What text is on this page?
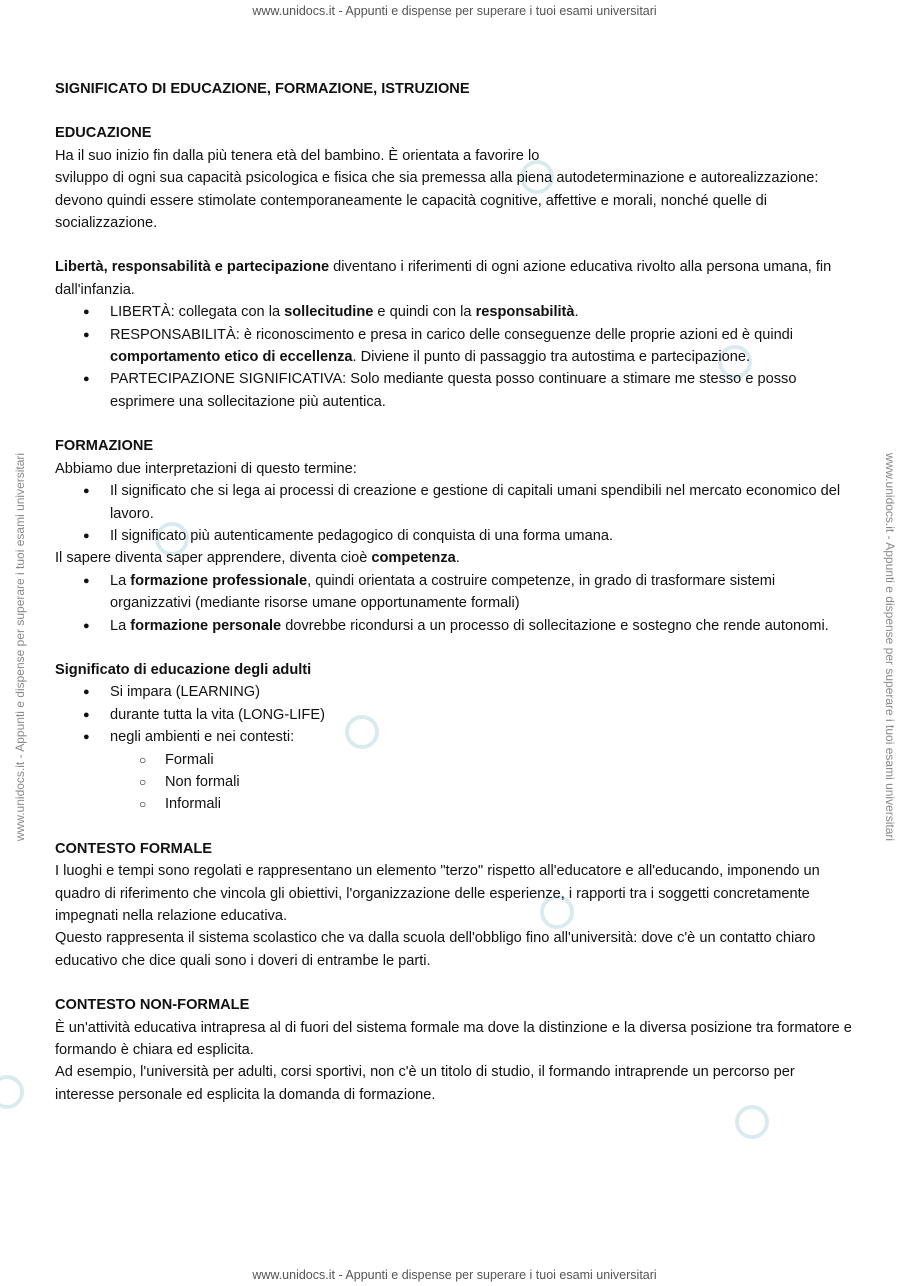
www.unidocs.it - Appunti e dispense per superare i tuoi esami universitari
www.unidocs.it - Appunti e dispense per superare i tuoi esami universitari
www.unidocs.it - Appunti e dispense per superare i tuoi esami universitari	www.unidocs.it - Appunti e dispense per superare i tuoi esami universitari
SIGNIFICATO DI EDUCAZIONE, FORMAZIONE, ISTRUZIONE
EDUCAZIONE

Ha il suo inizio fin dalla più tenera età del bambino. È orientata a favorire lo

sviluppo di ogni sua capacità psicologica e fisica che sia premessa alla piena autodeterminazione e autorealizzazione: devono quindi essere stimolate contemporaneamente le capacità cognitive, affettive e morali, nonché quelle di socializzazione.

Libertà, responsabilità e partecipazione diventano i riferimenti di ogni azione educativa rivolto alla persona umana, fin dall'infanzia.

● LIBERTÀ: collegata con la sollecitudine e quindi con la responsabilità.
● RESPONSABILITÀ: è riconoscimento e presa in carico delle conseguenze delle proprie azioni ed è quindi comportamento etico di eccellenza. Diviene il punto di passaggio tra autostima e partecipazione.
● PARTECIPAZIONE SIGNIFICATIVA: Solo mediante questa posso continuare a stimare me stesso e posso esprimere una sollecitazione più autentica.
FORMAZIONE

Abbiamo due interpretazioni di questo termine:

● Il significato che si lega ai processi di creazione e gestione di capitali umani spendibili nel mercato economico del lavoro.
● Il significato più autenticamente pedagogico di conquista di una forma umana.

Il sapere diventa saper apprendere, diventa cioè competenza.

● La formazione professionale, quindi orientata a costruire competenze, in grado di trasformare sistemi organizzativi (mediante risorse umane opportunamente formali)
● La formazione personale dovrebbe ricondursi a un processo di sollecitazione e sostegno che rende autonomi.
Significato di educazione degli adulti
● Si impara (LEARNING)
● durante tutta la vita (LONG-LIFE)
● negli ambienti e nei contesti:
○ Formali
○ Non formali
○ Informali
CONTESTO FORMALE

I luoghi e tempi sono regolati e rappresentano un elemento "terzo" rispetto all'educatore e all'educando, imponendo un quadro di riferimento che vincola gli obiettivi, l'organizzazione delle esperienze, i rapporti tra i soggetti concretamente impegnati nella relazione educativa.

Questo rappresenta il sistema scolastico che va dalla scuola dell'obbligo fino all'università: dove c'è un contatto chiaro educativo che dice quali sono i doveri di entrambe le parti.

CONTESTO NON-FORMALE

È un'attività educativa intrapresa al di fuori del sistema formale ma dove la distinzione e la diversa posizione tra formatore e formando è chiara ed esplicita.

Ad esempio, l'università per adulti, corsi sportivi, non c'è un titolo di studio, il formando intraprende un percorso per interesse personale ed esplicita la domanda di formazione.
